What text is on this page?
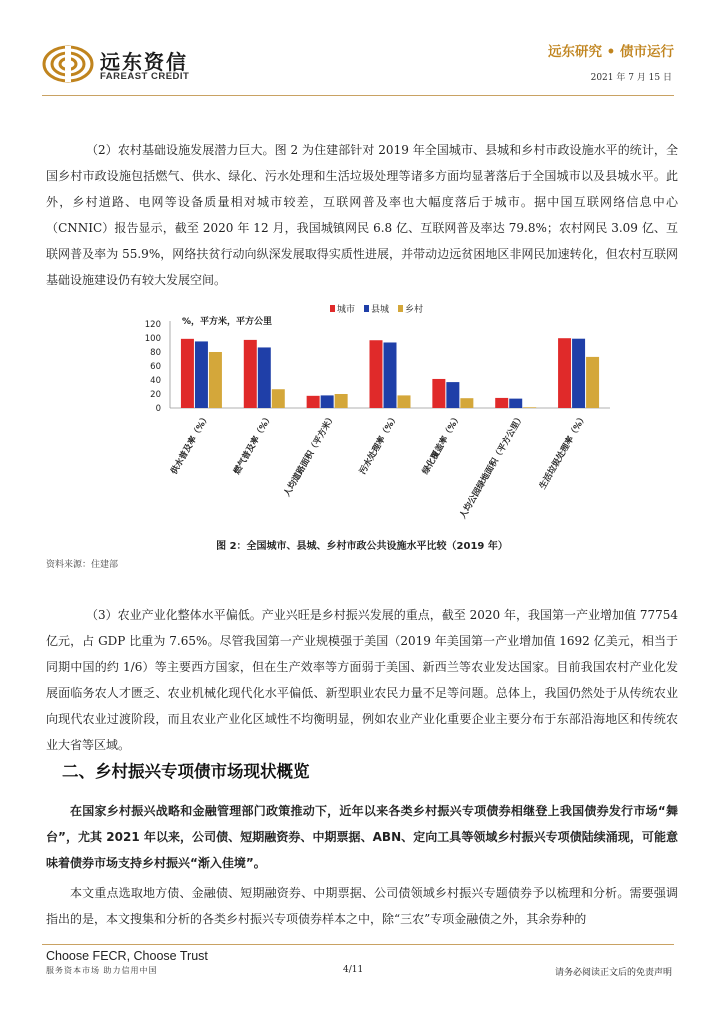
远东资信
FAREAST CREDIT
远东研究 • 债市运行
2021 年 7 月 15 日
（2）农村基础设施发展潜力巨大。图 2 为住建部针对 2019 年全国城市、县城和乡村市政设施水平的统计，全国乡村市政设施包括燃气、供水、绿化、污水处理和生活垃圾处理等诸多方面均显著落后于全国城市以及县城水平。此外，乡村道路、电网等设备质量相对城市较差，互联网普及率也大幅度落后于城市。据中国互联网络信息中心（CNNIC）报告显示，截至 2020 年 12 月，我国城镇网民 6.8 亿、互联网普及率达 79.8%；农村网民 3.09 亿、互联网普及率为 55.9%，网络扶贫行动向纵深发展取得实质性进展，并带动边远贫困地区非网民加速转化，但农村互联网基础设施建设仍有较大发展空间。
%，平方米，平方公里
城市 县城 乡村
0
20
40
60
80
100
120
供水普及率（%） 燃气普及率（%） 人均道路面积（平方米） 污水处理率（%） 绿化覆盖率（%）
人均公园绿地面积（平方公里） 生活垃圾处理率（%）
图 2：全国城市、县城、乡村市政公共设施水平比较（2019 年）
资料来源：住建部
（3）农业产业化整体水平偏低。产业兴旺是乡村振兴发展的重点，截至 2020 年，我国第一产业增加值 77754 亿元，占 GDP 比重为 7.65%。尽管我国第一产业规模强于美国（2019 年美国第一产业增加值 1692 亿美元，相当于同期中国的约 1/6）等主要西方国家，但在生产效率等方面弱于美国、新西兰等农业发达国家。目前我国农村产业化发展面临务农人才匮乏、农业机械化现代化水平偏低、新型职业农民力量不足等问题。总体上，我国仍然处于从传统农业向现代农业过渡阶段，而且农业产业化区域性不均衡明显，例如农业产业化重要企业主要分布于东部沿海地区和传统农业大省等区域。
二、乡村振兴专项债市场现状概览
在国家乡村振兴战略和金融管理部门政策推动下，近年以来各类乡村振兴专项债券相继登上我国债券发行市场“舞台”，尤其 2021 年以来，公司债、短期融资券、中期票据、ABN、定向工具等领域乡村振兴专项债陆续涌现，可能意味着债券市场支持乡村振兴“渐入佳境”。
本文重点选取地方债、金融债、短期融资券、中期票据、公司债领域乡村振兴专题债券予以梳理和分析。需要强调指出的是，本文搜集和分析的各类乡村振兴专项债券样本之中，除“三农”专项金融债之外，其余券种的
Choose FECR, Choose Trust
服务资本市场 助力信用中国	4/11	请务必阅读正文后的免责声明
